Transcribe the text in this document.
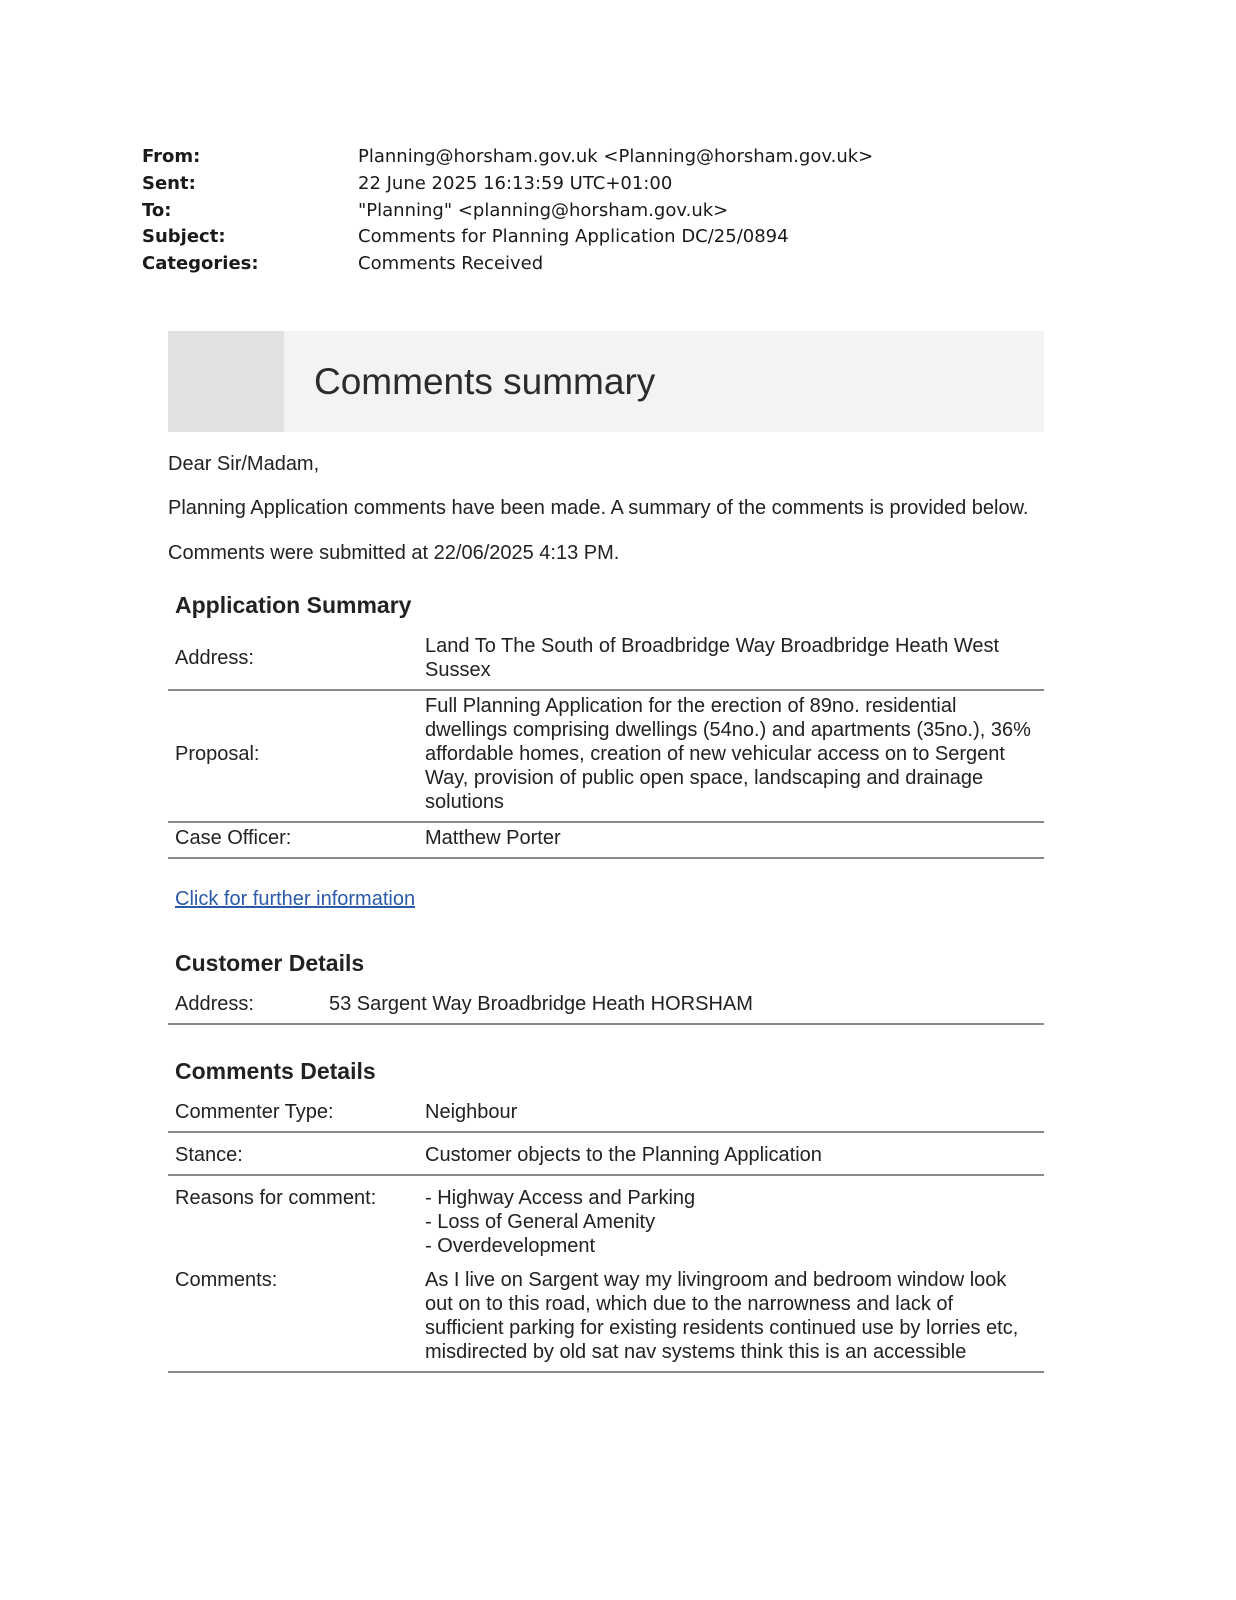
From:	Planning@horsham.gov.uk <Planning@horsham.gov.uk>
Sent:	22 June 2025 16:13:59 UTC+01:00
To:	"Planning" <planning@horsham.gov.uk>
Subject:	Comments for Planning Application DC/25/0894
Categories:	Comments Received
Comments summary

Dear Sir/Madam,

Planning Application comments have been made. A summary of the comments is provided below.

Comments were submitted at 22/06/2025 4:13 PM.

Application Summary
Address:	Land To The South of Broadbridge Way Broadbridge Heath West Sussex
Proposal:	Full Planning Application for the erection of 89no. residential dwellings comprising dwellings (54no.) and apartments (35no.), 36% affordable homes, creation of new vehicular access on to Sergent Way, provision of public open space, landscaping and drainage solutions
Case Officer:	Matthew Porter
Click for further information
Customer Details
Address:	53 Sargent Way Broadbridge Heath HORSHAM
Comments Details
Commenter Type:	Neighbour
Stance:	Customer objects to the Planning Application
Reasons for comment:	- Highway Access and Parking
- Loss of General Amenity
- Overdevelopment

Comments:	As I live on Sargent way my livingroom and bedroom window look out on to this road, which due to the narrowness and lack of sufficient parking for existing residents continued use by lorries etc, misdirected by old sat nav systems think this is an accessible
